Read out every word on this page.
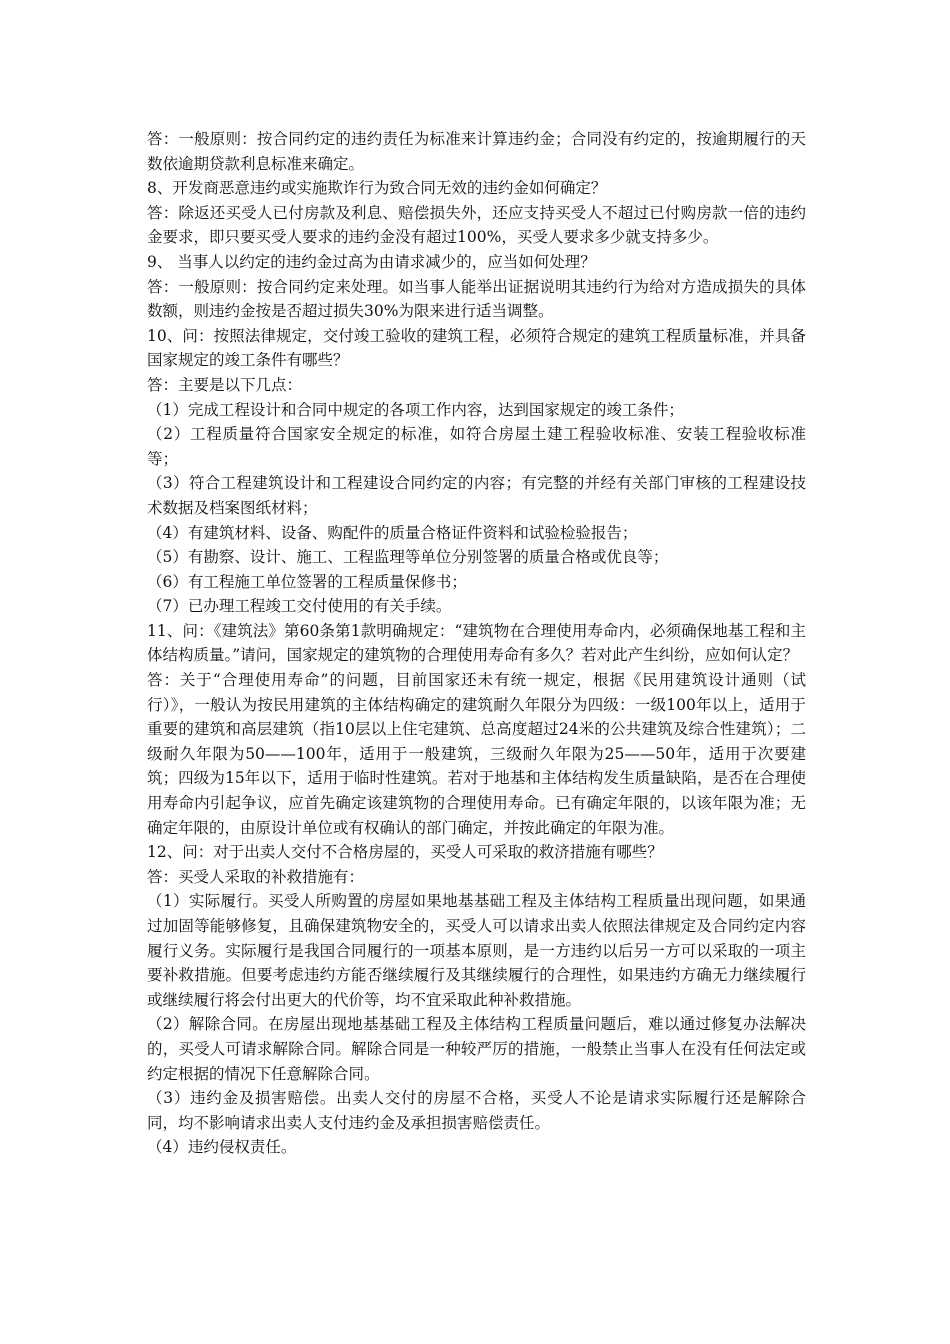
答：一般原则：按合同约定的违约责任为标准来计算违约金；合同没有约定的，按逾期履行的天数依逾期贷款利息标准来确定。

8、开发商恶意违约或实施欺诈行为致合同无效的违约金如何确定？

答：除返还买受人已付房款及利息、赔偿损失外，还应支持买受人不超过已付购房款一倍的违约金要求，即只要买受人要求的违约金没有超过100%，买受人要求多少就支持多少。

9、 当事人以约定的违约金过高为由请求减少的，应当如何处理？

答：一般原则：按合同约定来处理。如当事人能举出证据说明其违约行为给对方造成损失的具体数额，则违约金按是否超过损失30%为限来进行适当调整。

10、问：按照法律规定，交付竣工验收的建筑工程，必须符合规定的建筑工程质量标准，并具备国家规定的竣工条件有哪些？

答：主要是以下几点：

（1）完成工程设计和合同中规定的各项工作内容，达到国家规定的竣工条件；

（2）工程质量符合国家安全规定的标准，如符合房屋土建工程验收标准、安装工程验收标准等；

（3）符合工程建筑设计和工程建设合同约定的内容；有完整的并经有关部门审核的工程建设技术数据及档案图纸材料；

（4）有建筑材料、设备、购配件的质量合格证件资料和试验检验报告；

（5）有勘察、设计、施工、工程监理等单位分别签署的质量合格或优良等；

（6）有工程施工单位签署的工程质量保修书；

（7）已办理工程竣工交付使用的有关手续。

11、问：《建筑法》第60条第1款明确规定：“建筑物在合理使用寿命内，必须确保地基工程和主体结构质量。”请问，国家规定的建筑物的合理使用寿命有多久？若对此产生纠纷，应如何认定？

答：关于“合理使用寿命”的问题，目前国家还未有统一规定，根据《民用建筑设计通则（试行）》，一般认为按民用建筑的主体结构确定的建筑耐久年限分为四级：一级100年以上，适用于重要的建筑和高层建筑（指10层以上住宅建筑、总高度超过24米的公共建筑及综合性建筑）；二级耐久年限为50——100年，适用于一般建筑，三级耐久年限为25——50年，适用于次要建筑；四级为15年以下，适用于临时性建筑。若对于地基和主体结构发生质量缺陷，是否在合理使用寿命内引起争议，应首先确定该建筑物的合理使用寿命。已有确定年限的，以该年限为准；无确定年限的，由原设计单位或有权确认的部门确定，并按此确定的年限为准。

12、问：对于出卖人交付不合格房屋的，买受人可采取的救济措施有哪些？

答：买受人采取的补救措施有：

（1）实际履行。买受人所购置的房屋如果地基基础工程及主体结构工程质量出现问题，如果通过加固等能够修复，且确保建筑物安全的，买受人可以请求出卖人依照法律规定及合同约定内容履行义务。实际履行是我国合同履行的一项基本原则，是一方违约以后另一方可以采取的一项主要补救措施。但要考虑违约方能否继续履行及其继续履行的合理性，如果违约方确无力继续履行或继续履行将会付出更大的代价等，均不宜采取此种补救措施。

（2）解除合同。在房屋出现地基基础工程及主体结构工程质量问题后，难以通过修复办法解决的，买受人可请求解除合同。解除合同是一种较严厉的措施，一般禁止当事人在没有任何法定或约定根据的情况下任意解除合同。

（3）违约金及损害赔偿。出卖人交付的房屋不合格，买受人不论是请求实际履行还是解除合同，均不影响请求出卖人支付违约金及承担损害赔偿责任。

（4）违约侵权责任。
